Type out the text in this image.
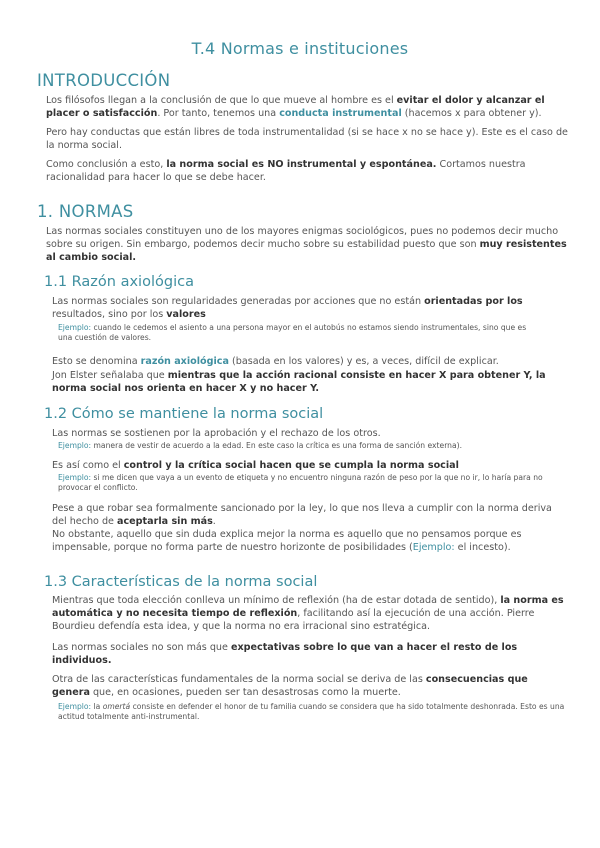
T.4 Normas e instituciones
INTRODUCCIÓN
Los filósofos llegan a la conclusión de que lo que mueve al hombre es el evitar el dolor y alcanzar el placer o satisfacción. Por tanto, tenemos una conducta instrumental (hacemos x para obtener y).
Pero hay conductas que están libres de toda instrumentalidad (si se hace x no se hace y). Este es el caso de la norma social.
Como conclusión a esto, la norma social es NO instrumental y espontánea. Cortamos nuestra racionalidad para hacer lo que se debe hacer.
1. NORMAS
Las normas sociales constituyen uno de los mayores enigmas sociológicos, pues no podemos decir mucho sobre su origen. Sin embargo, podemos decir mucho sobre su estabilidad puesto que son muy resistentes al cambio social.
1.1 Razón axiológica
Las normas sociales son regularidades generadas por acciones que no están orientadas por los resultados, sino por los valores
Ejemplo: cuando le cedemos el asiento a una persona mayor en el autobús no estamos siendo instrumentales, sino que es una cuestión de valores.
Esto se denomina razón axiológica (basada en los valores) y es, a veces, difícil de explicar.
Jon Elster señalaba que mientras que la acción racional consiste en hacer X para obtener Y, la norma social nos orienta en hacer X y no hacer Y.
1.2 Cómo se mantiene la norma social
Las normas se sostienen por la aprobación y el rechazo de los otros.
Ejemplo: manera de vestir de acuerdo a la edad. En este caso la crítica es una forma de sanción externa).
Es así como el control y la crítica social hacen que se cumpla la norma social
Ejemplo: si me dicen que vaya a un evento de etiqueta y no encuentro ninguna razón de peso por la que no ir, lo haría para no provocar el conflicto.
Pese a que robar sea formalmente sancionado por la ley, lo que nos lleva a cumplir con la norma deriva del hecho de aceptarla sin más.
No obstante, aquello que sin duda explica mejor la norma es aquello que no pensamos porque es impensable, porque no forma parte de nuestro horizonte de posibilidades (Ejemplo: el incesto).
1.3 Características de la norma social
Mientras que toda elección conlleva un mínimo de reflexión (ha de estar dotada de sentido), la norma es automática y no necesita tiempo de reflexión, facilitando así la ejecución de una acción. Pierre Bourdieu defendía esta idea, y que la norma no era irracional sino estratégica.
Las normas sociales no son más que expectativas sobre lo que van a hacer el resto de los individuos.
Otra de las características fundamentales de la norma social se deriva de las consecuencias que genera que, en ocasiones, pueden ser tan desastrosas como la muerte.
Ejemplo: la omertá consiste en defender el honor de tu familia cuando se considera que ha sido totalmente deshonrada. Esto es una actitud totalmente anti-instrumental.
